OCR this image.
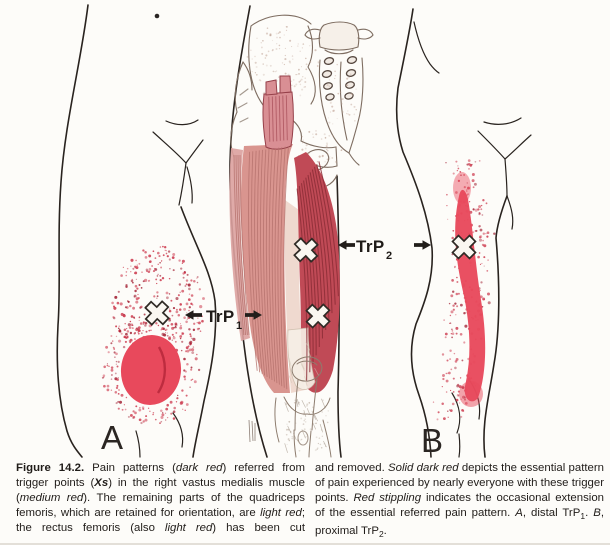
A	B
TrP 1
TrP 2
Figure 14.2. Pain patterns (dark red) referred from trigger points (Xs) in the right vastus medialis muscle (medium red). The remaining parts of the quadriceps femoris, which are retained for orientation, are light red; the rectus femoris (also light red) has been cut
and removed. Solid dark red depicts the essential pattern of pain experienced by nearly everyone with these trigger points. Red stippling indicates the occasional extension of the essential referred pain pattern. A, distal TrP$_1$. B, proximal TrP$_2$.
